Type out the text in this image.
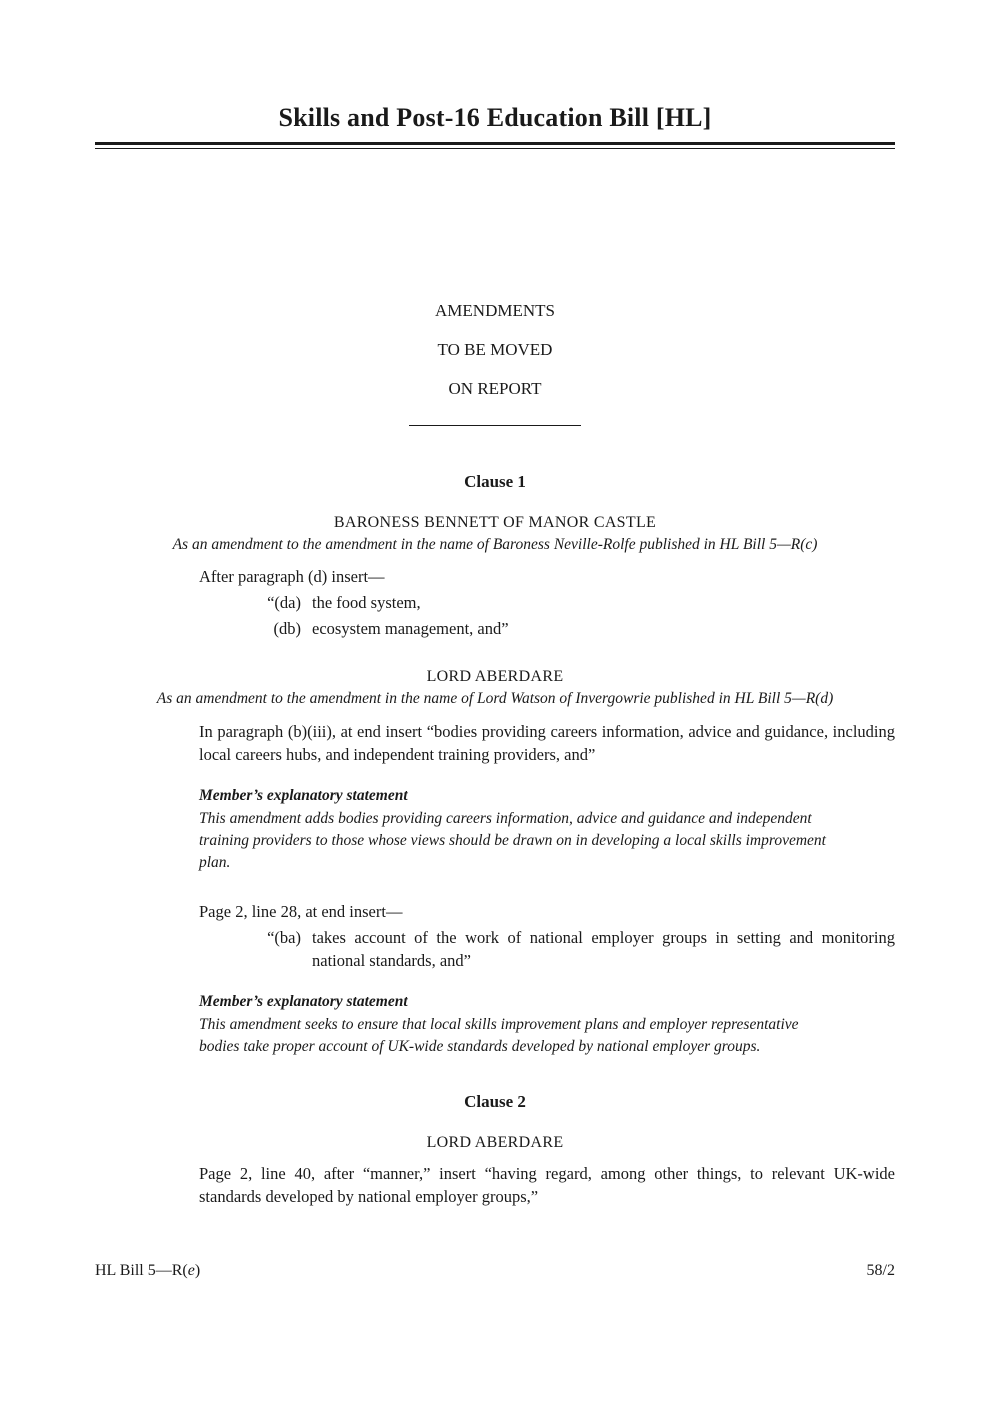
Skills and Post-16 Education Bill [HL]
AMENDMENTS
TO BE MOVED
ON REPORT
Clause 1
BARONESS BENNETT OF MANOR CASTLE
As an amendment to the amendment in the name of Baroness Neville-Rolfe published in HL Bill 5—R(c)
After paragraph (d) insert—
“(da) the food system,
(db) ecosystem management, and”
LORD ABERDARE
As an amendment to the amendment in the name of Lord Watson of Invergowrie published in HL Bill 5—R(d)
In paragraph (b)(iii), at end insert “bodies providing careers information, advice and guidance, including local careers hubs, and independent training providers, and”
Member’s explanatory statement
This amendment adds bodies providing careers information, advice and guidance and independent training providers to those whose views should be drawn on in developing a local skills improvement plan.
Page 2, line 28, at end insert—
“(ba) takes account of the work of national employer groups in setting and monitoring national standards, and”
Member’s explanatory statement
This amendment seeks to ensure that local skills improvement plans and employer representative bodies take proper account of UK-wide standards developed by national employer groups.
Clause 2
LORD ABERDARE
Page 2, line 40, after “manner,” insert “having regard, among other things, to relevant UK-wide standards developed by national employer groups,”
HL Bill 5—R(e)	58/2
